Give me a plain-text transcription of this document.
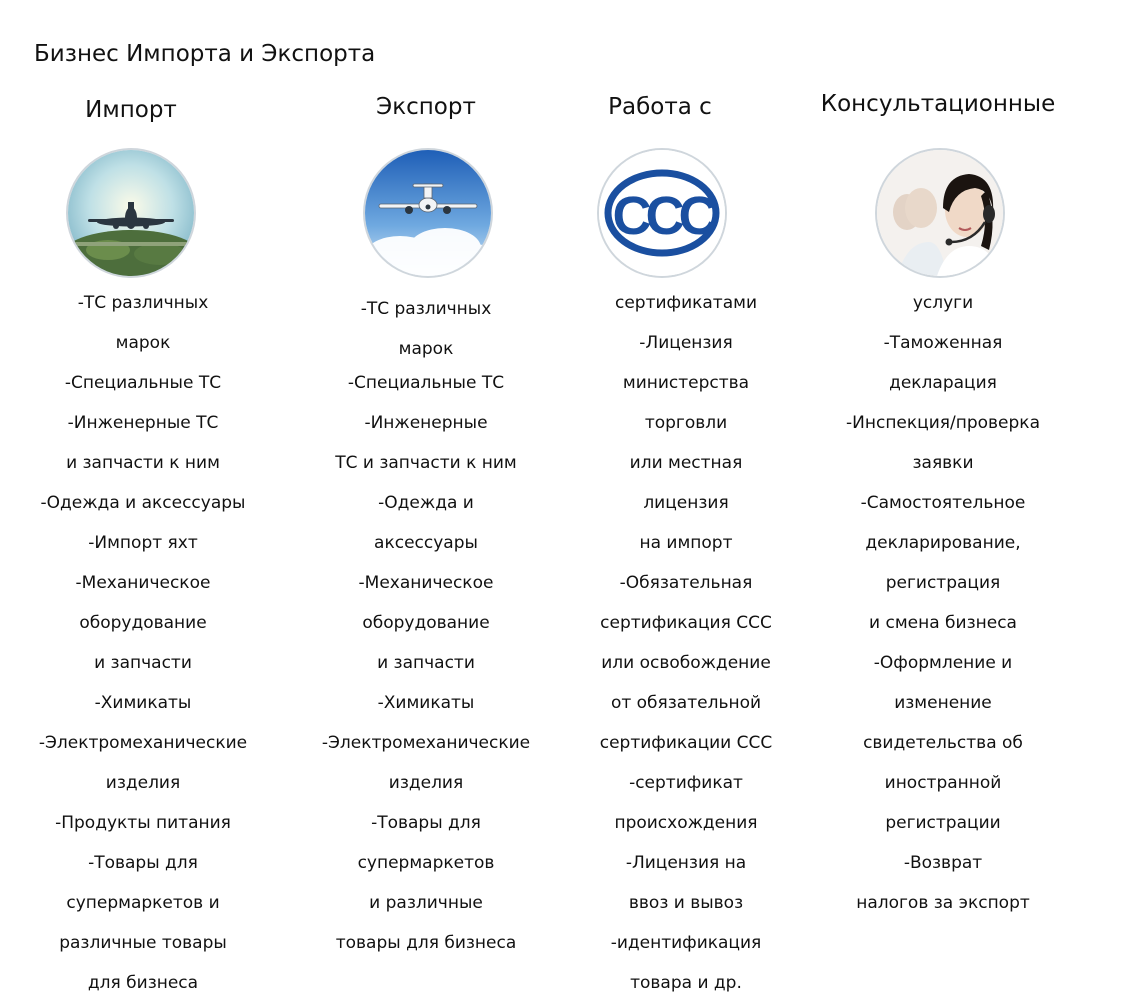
Бизнес Импорта и Экспорта
Импорт
-ТС различных
марок
-Специальные ТС
-Инженерные ТС
и запчасти к ним
-Одежда и аксессуары
-Импорт яхт
-Механическое
оборудование
и запчасти
-Химикаты
-Электромеханические
изделия
-Продукты питания
-Товары для
супермаркетов и
различные товары
для бизнеса
Экспорт
-ТС различных
марок
-Специальные ТС
-Инженерные
ТС и запчасти к ним
-Одежда и
аксессуары
-Механическое
оборудование
и запчасти
-Химикаты
-Электромеханические
изделия
-Товары для
супермаркетов
и различные
товары для бизнеса
Работа с
CCC
сертификатами
-Лицензия
министерства
торговли
или местная
лицензия
на импорт
-Обязательная
сертификация CCC
или освобождение
от обязательной
сертификации CCC
-сертификат
происхождения
-Лицензия на
ввоз и вывоз
-идентификация
товара и др.
Консультационные
услуги
-Таможенная
декларация
-Инспекция/проверка
заявки
-Самостоятельное
декларирование,
регистрация
и смена бизнеса
-Оформление и
изменение
свидетельства об
иностранной
регистрации
-Возврат
налогов за экспорт
